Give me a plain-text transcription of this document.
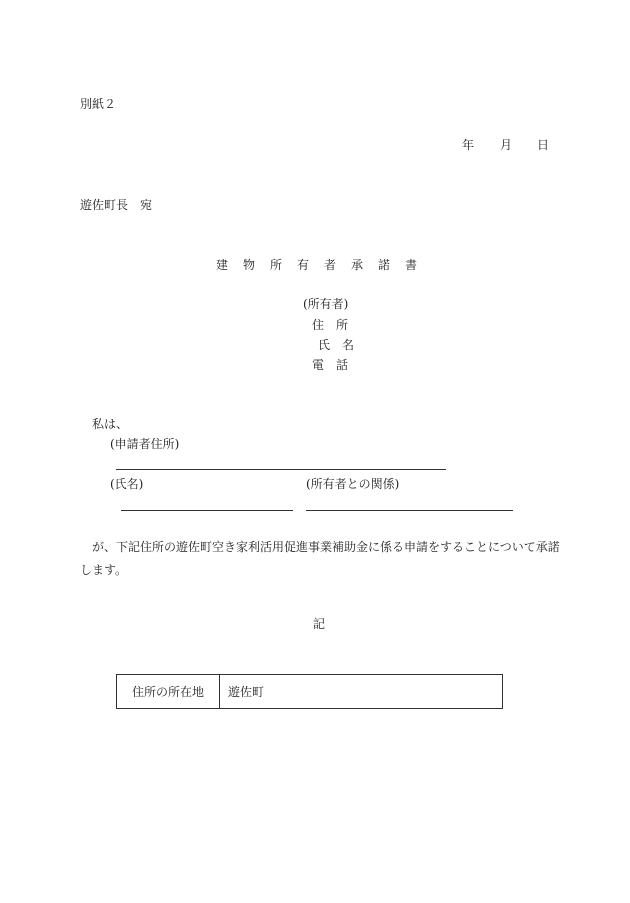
別紙２
年 月 日
遊佐町長　宛
建物所有者承諾書
(所有者)
住　所
氏　名
電　話
私は、
(申請者住所)
(氏名)	(所有者との関係)
が、下記住所の遊佐町空き家利活用促進事業補助金に係る申請をすることについて承諾します。
記
住所の所在地	遊佐町
